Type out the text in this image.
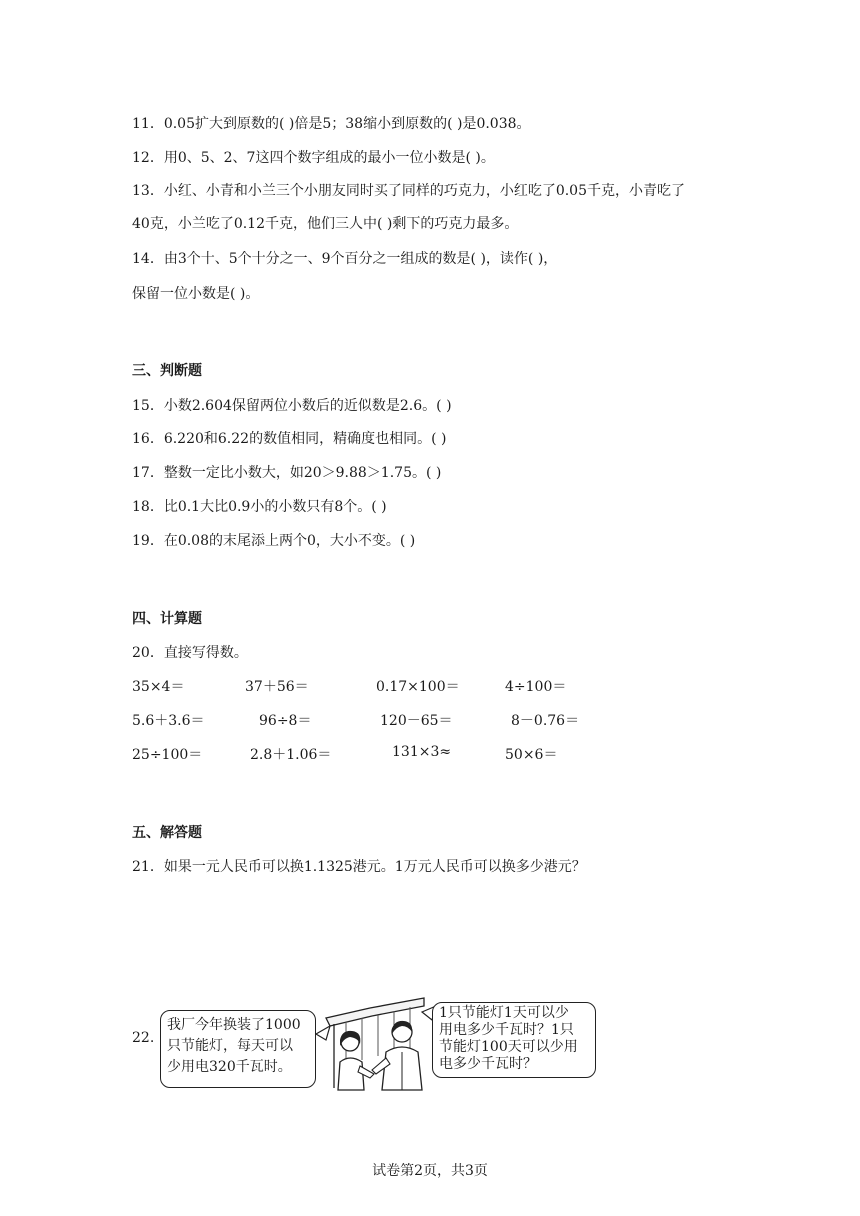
11．0.05扩大到原数的( )倍是5；38缩小到原数的( )是0.038。
12．用0、5、2、7这四个数字组成的最小一位小数是( )。
13．小红、小青和小兰三个小朋友同时买了同样的巧克力，小红吃了0.05千克，小青吃了
40克，小兰吃了0.12千克，他们三人中( )剩下的巧克力最多。
14．由3个十、5个十分之一、9个百分之一组成的数是( )，读作( )，
保留一位小数是( )。
三、判断题
15．小数2.604保留两位小数后的近似数是2.6。( )
16．6.220和6.22的数值相同，精确度也相同。( )
17．整数一定比小数大，如20＞9.88＞1.75。( )
18．比0.1大比0.9小的小数只有8个。( )
19．在0.08的末尾添上两个0，大小不变。( )
四、计算题
20．直接写得数。
35×4＝	37＋56＝	0.17×100＝	4÷100＝
5.6＋3.6＝	96÷8＝	120－65＝	8－0.76＝
25÷100＝	2.8＋1.06＝	131×3≈	50×6＝
五、解答题
21．如果一元人民币可以换1.1325港元。1万元人民币可以换多少港元？
22.
我厂今年换装了1000
只节能灯，每天可以
少用电320千瓦时。
1只节能灯1天可以少
用电多少千瓦时？1只
节能灯100天可以少用
电多少千瓦时？
试卷第2页，共3页
